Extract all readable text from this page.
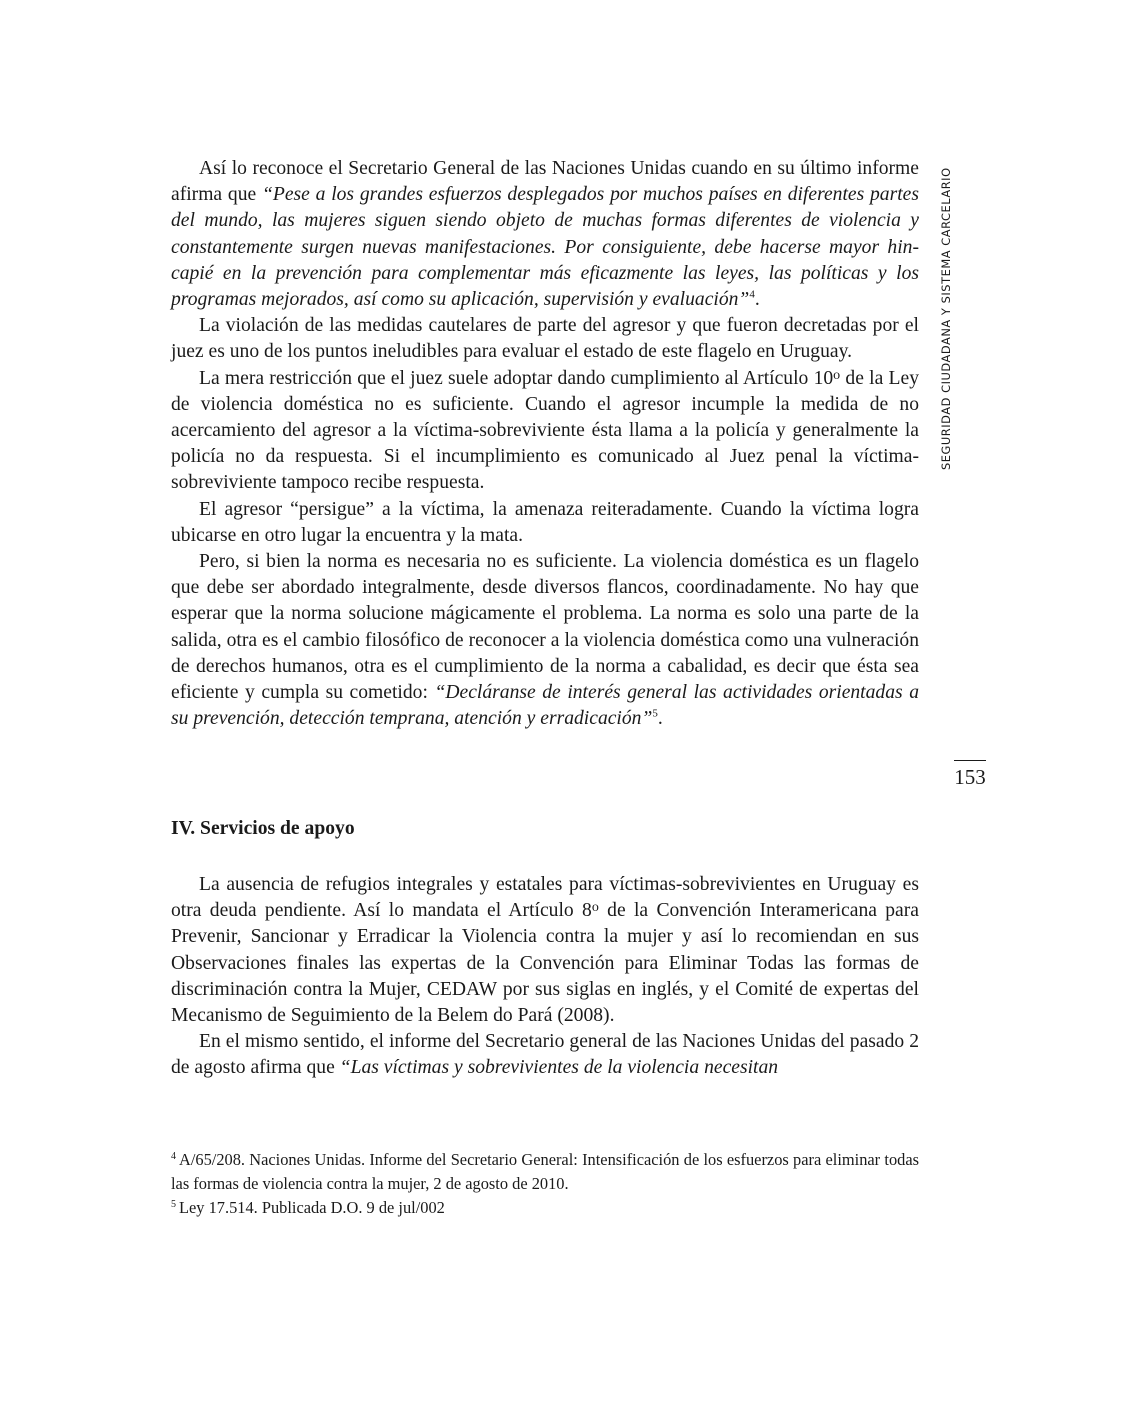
Así lo reconoce el Secretario General de las Naciones Unidas cuando en su último informe afirma que “Pese a los grandes esfuerzos desplegados por muchos países en diferentes partes del mundo, las mujeres siguen siendo objeto de muchas formas diferentes de violencia y constantemente surgen nuevas manifestaciones. Por consiguiente, debe hacerse mayor hincapié en la prevención para complementar más eficazmente las leyes, las políticas y los programas mejorados, así como su aplicación, supervisión y evaluación”$^4$.

La violación de las medidas cautelares de parte del agresor y que fueron decretadas por el juez es uno de los puntos ineludibles para evaluar el estado de este flagelo en Uruguay.

La mera restricción que el juez suele adoptar dando cumplimiento al Artículo 10$^o$ de la Ley de violencia doméstica no es suficiente. Cuando el agresor incumple la medida de no acercamiento del agresor a la víctima-sobreviviente ésta llama a la policía y generalmente la policía no da respuesta. Si el incumplimiento es comunicado al Juez penal la víctima-sobreviviente tampoco recibe respuesta.

El agresor “persigue” a la víctima, la amenaza reiteradamente. Cuando la víctima logra ubicarse en otro lugar la encuentra y la mata.

Pero, si bien la norma es necesaria no es suficiente. La violencia doméstica es un flagelo que debe ser abordado integralmente, desde diversos flancos, coordinadamente. No hay que esperar que la norma solucione mágicamente el problema. La norma es solo una parte de la salida, otra es el cambio filosófico de reconocer a la violencia doméstica como una vulneración de derechos humanos, otra es el cumplimiento de la norma a cabalidad, es decir que ésta sea eficiente y cumpla su cometido: “Decláranse de interés general las actividades orientadas a su prevención, detección temprana, atención y erradicación”$^5$.

IV. Servicios de apoyo

La ausencia de refugios integrales y estatales para víctimas-sobrevivientes en Uruguay es otra deuda pendiente. Así lo mandata el Artículo 8$^o$ de la Convención Interamericana para Prevenir, Sancionar y Erradicar la Violencia contra la mujer y así lo recomiendan en sus Observaciones finales las expertas de la Convención para Eliminar Todas las formas de discriminación contra la Mujer, CEDAW por sus siglas en inglés, y el Comité de expertas del Mecanismo de Seguimiento de la Belem do Pará (2008).

En el mismo sentido, el informe del Secretario general de las Naciones Unidas del pasado 2 de agosto afirma que “Las víctimas y sobrevivientes de la violencia necesitan

$^4$ A/65/208. Naciones Unidas. Informe del Secretario General: Intensificación de los esfuerzos para eliminar todas las formas de violencia contra la mujer, 2 de agosto de 2010.

$^5$ Ley 17.514. Publicada D.O. 9 de jul/002

SEGURIDAD CIUDADANA Y SISTEMA CARCELARIO
153
